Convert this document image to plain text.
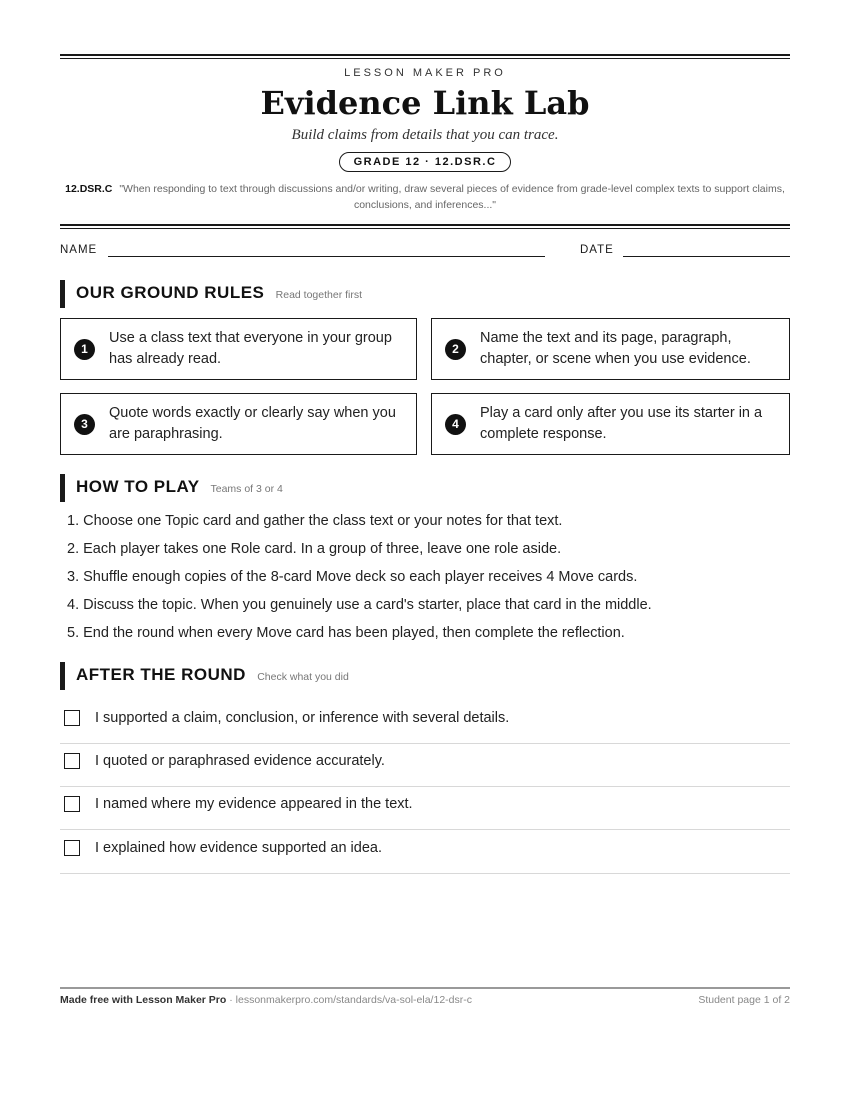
LESSON MAKER PRO
Evidence Link Lab
Build claims from details that you can trace.
GRADE 12 · 12.DSR.C
12.DSR.C "When responding to text through discussions and/or writing, draw several pieces of evidence from grade-level complex texts to support claims, conclusions, and inferences..."
NAME	DATE
OUR GROUND RULES Read together first
1
Use a class text that everyone in your group has already read.
2
Name the text and its page, paragraph, chapter, or scene when you use evidence.
3
Quote words exactly or clearly say when you are paraphrasing.
4
Play a card only after you use its starter in a complete response.
HOW TO PLAY Teams of 3 or 4
1. Choose one Topic card and gather the class text or your notes for that text.
2. Each player takes one Role card. In a group of three, leave one role aside.
3. Shuffle enough copies of the 8-card Move deck so each player receives 4 Move cards.
4. Discuss the topic. When you genuinely use a card's starter, place that card in the middle.
5. End the round when every Move card has been played, then complete the reflection.
AFTER THE ROUND Check what you did
I supported a claim, conclusion, or inference with several details.
I quoted or paraphrased evidence accurately.
I named where my evidence appeared in the text.
I explained how evidence supported an idea.
Made free with Lesson Maker Pro · lessonmakerpro.com/standards/va-sol-ela/12-dsr-c	Student page 1 of 2
